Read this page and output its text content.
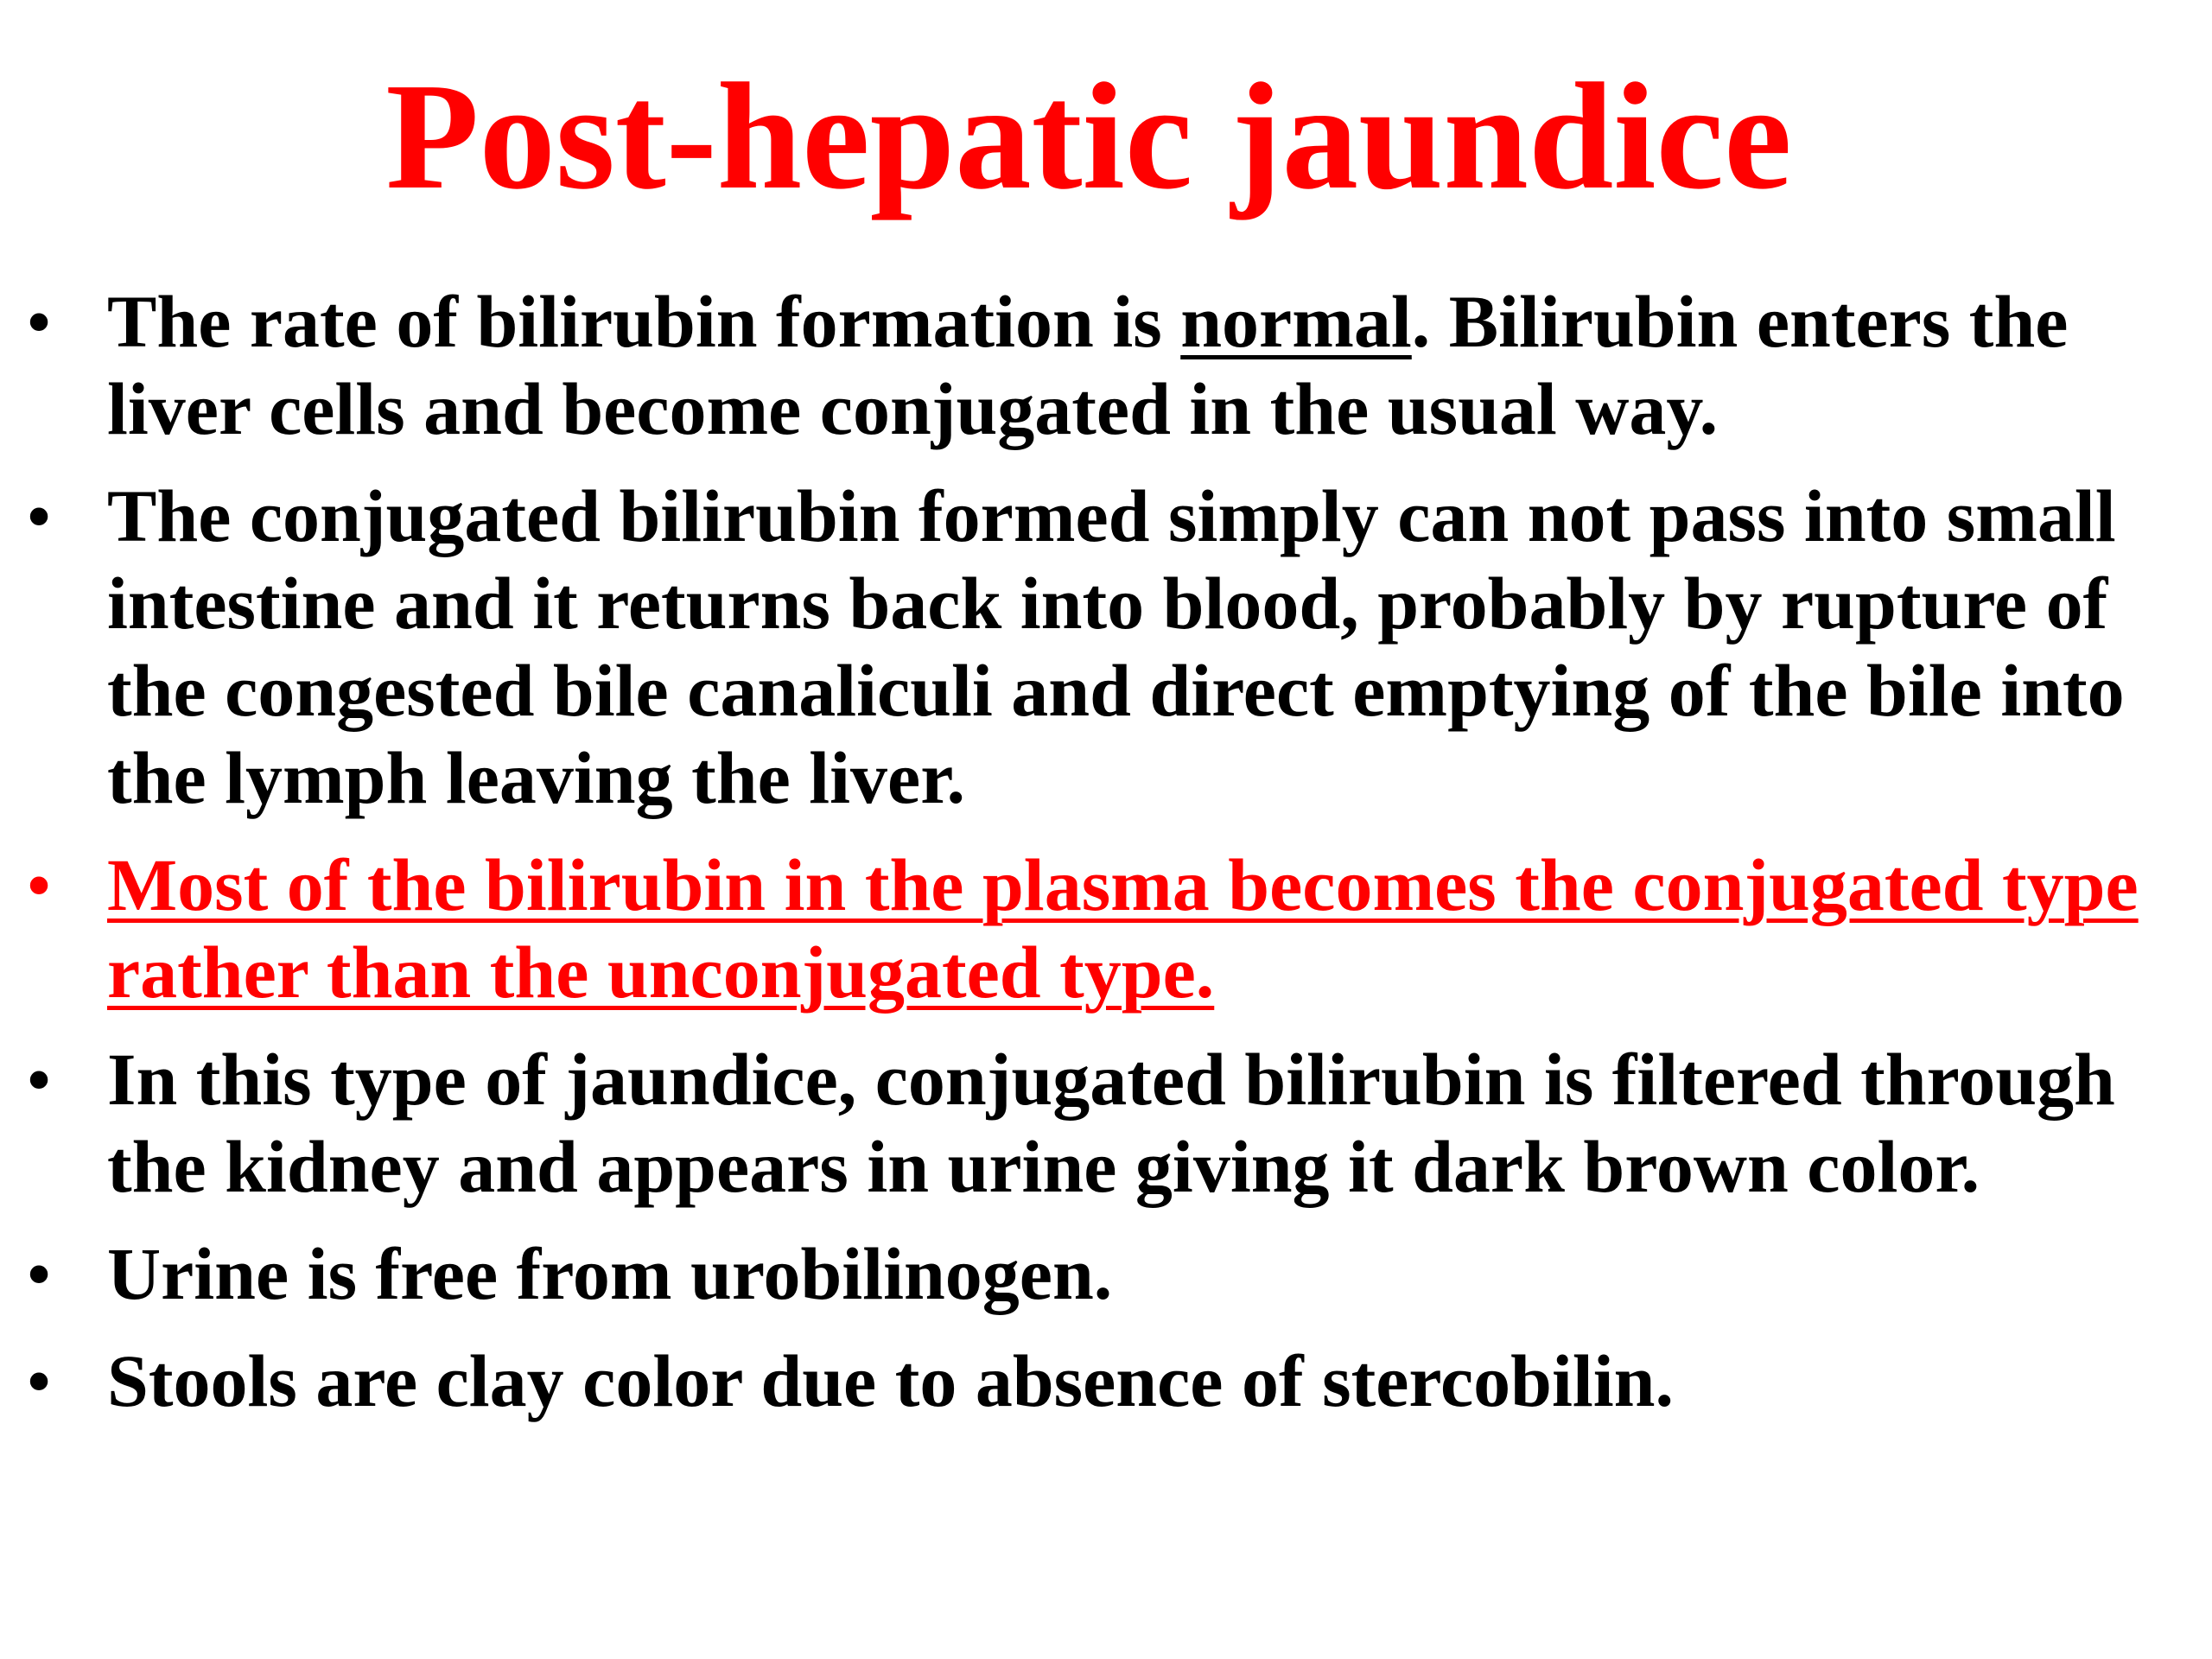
Post-hepatic jaundice
• The rate of bilirubin formation is normal. Bilirubin enters the liver cells and become conjugated in the usual way.
• The conjugated bilirubin formed simply can not pass into small intestine and it returns back into blood, probably by rupture of the congested bile canaliculi and direct emptying of the bile into the lymph leaving the liver.
• Most of the bilirubin in the plasma becomes the conjugated type rather than the unconjugated type.
• In this type of jaundice, conjugated bilirubin is filtered through the kidney and appears in urine giving it dark brown color.
• Urine is free from urobilinogen.
• Stools are clay color due to absence of stercobilin.
